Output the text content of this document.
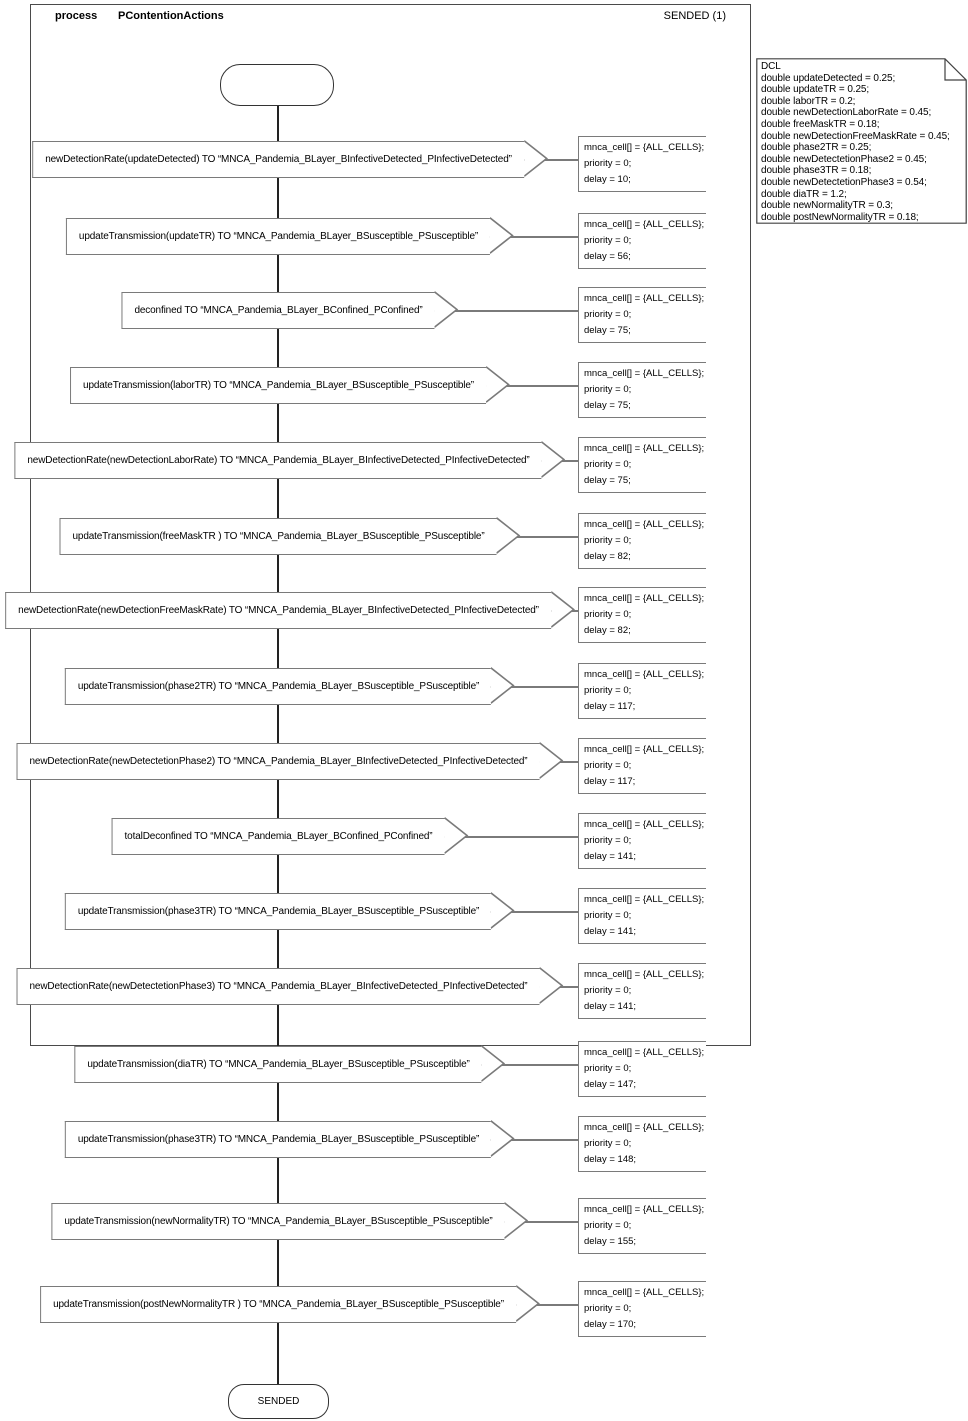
process PContentionActions	SENDED (1)
DCL
double updateDetected = 0.25;
double updateTR = 0.25;
double laborTR = 0.2;
double newDetectionLaborRate = 0.45;
double freeMaskTR = 0.18;
double newDetectionFreeMaskRate = 0.45;
double phase2TR = 0.25;
double newDetectetionPhase2 = 0.45;
double phase3TR = 0.18;
double newDetectetionPhase3 = 0.54;
double diaTR = 1.2;
double newNormalityTR = 0.3;
double postNewNormalityTR = 0.18;
SENDED
newDetectionRate(updateDetected) TO “MNCA_Pandemia_BLayer_BInfectiveDetected_PInfectiveDetected”
mnca_cell[] = {ALL_CELLS};
priority = 0;
delay = 10;
updateTransmission(updateTR) TO “MNCA_Pandemia_BLayer_BSusceptible_PSusceptible”
mnca_cell[] = {ALL_CELLS};
priority = 0;
delay = 56;
deconfined TO “MNCA_Pandemia_BLayer_BConfined_PConfined”
mnca_cell[] = {ALL_CELLS};
priority = 0;
delay = 75;
updateTransmission(laborTR) TO “MNCA_Pandemia_BLayer_BSusceptible_PSusceptible”
mnca_cell[] = {ALL_CELLS};
priority = 0;
delay = 75;
newDetectionRate(newDetectionLaborRate) TO “MNCA_Pandemia_BLayer_BInfectiveDetected_PInfectiveDetected”
mnca_cell[] = {ALL_CELLS};
priority = 0;
delay = 75;
updateTransmission(freeMaskTR ) TO “MNCA_Pandemia_BLayer_BSusceptible_PSusceptible”
mnca_cell[] = {ALL_CELLS};
priority = 0;
delay = 82;
newDetectionRate(newDetectionFreeMaskRate) TO “MNCA_Pandemia_BLayer_BInfectiveDetected_PInfectiveDetected”
mnca_cell[] = {ALL_CELLS};
priority = 0;
delay = 82;
updateTransmission(phase2TR) TO “MNCA_Pandemia_BLayer_BSusceptible_PSusceptible”
mnca_cell[] = {ALL_CELLS};
priority = 0;
delay = 117;
newDetectionRate(newDetectetionPhase2) TO “MNCA_Pandemia_BLayer_BInfectiveDetected_PInfectiveDetected”
mnca_cell[] = {ALL_CELLS};
priority = 0;
delay = 117;
totalDeconfined TO “MNCA_Pandemia_BLayer_BConfined_PConfined”
mnca_cell[] = {ALL_CELLS};
priority = 0;
delay = 141;
updateTransmission(phase3TR) TO “MNCA_Pandemia_BLayer_BSusceptible_PSusceptible”
mnca_cell[] = {ALL_CELLS};
priority = 0;
delay = 141;
newDetectionRate(newDetectetionPhase3) TO “MNCA_Pandemia_BLayer_BInfectiveDetected_PInfectiveDetected”
mnca_cell[] = {ALL_CELLS};
priority = 0;
delay = 141;
updateTransmission(diaTR) TO “MNCA_Pandemia_BLayer_BSusceptible_PSusceptible”
mnca_cell[] = {ALL_CELLS};
priority = 0;
delay = 147;
updateTransmission(phase3TR) TO “MNCA_Pandemia_BLayer_BSusceptible_PSusceptible”
mnca_cell[] = {ALL_CELLS};
priority = 0;
delay = 148;
updateTransmission(newNormalityTR) TO “MNCA_Pandemia_BLayer_BSusceptible_PSusceptible”
mnca_cell[] = {ALL_CELLS};
priority = 0;
delay = 155;
updateTransmission(postNewNormalityTR ) TO “MNCA_Pandemia_BLayer_BSusceptible_PSusceptible”
mnca_cell[] = {ALL_CELLS};
priority = 0;
delay = 170;
